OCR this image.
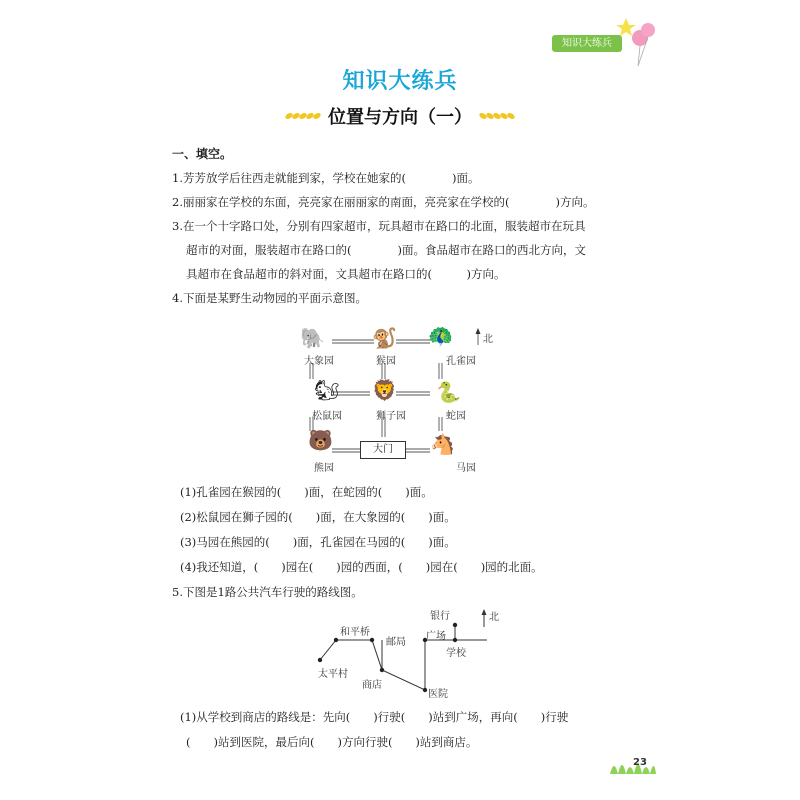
知识大练兵
知识大练兵
位置与方向（一）
一、填空。
1.芳芳放学后往西走就能到家，学校在她家的(　　　　)面。
2.丽丽家在学校的东面，亮亮家在丽丽家的南面，亮亮家在学校的(　　　　)方向。
3.在一个十字路口处，分别有四家超市，玩具超市在路口的北面，服装超市在玩具
超市的对面，服装超市在路口的(　　　　)面。食品超市在路口的西北方向，文
具超市在食品超市的斜对面，文具超市在路口的(　　　)方向。
4.下面是某野生动物园的平面示意图。
北
🐘 🐒 🦚
大象园	猴园	孔雀园
🐿 🦁 🐍
松鼠园	狮子园	蛇园
🐻	大门	🐴
熊园	马园
(1)孔雀园在猴园的(　　)面，在蛇园的(　　)面。
(2)松鼠园在狮子园的(　　)面，在大象园的(　　)面。
(3)马园在熊园的(　　)面，孔雀园在马园的(　　)面。
(4)我还知道，(　　)园在(　　)园的西面，(　　)园在(　　)园的北面。
5.下图是1路公共汽车行驶的路线图。
北
银行
和平桥
邮局
广场
学校
太平村
商店
医院
(1)从学校到商店的路线是：先向(　　)行驶(　　)站到广场，再向(　　)行驶
(　　)站到医院，最后向(　　)方向行驶(　　)站到商店。
23
